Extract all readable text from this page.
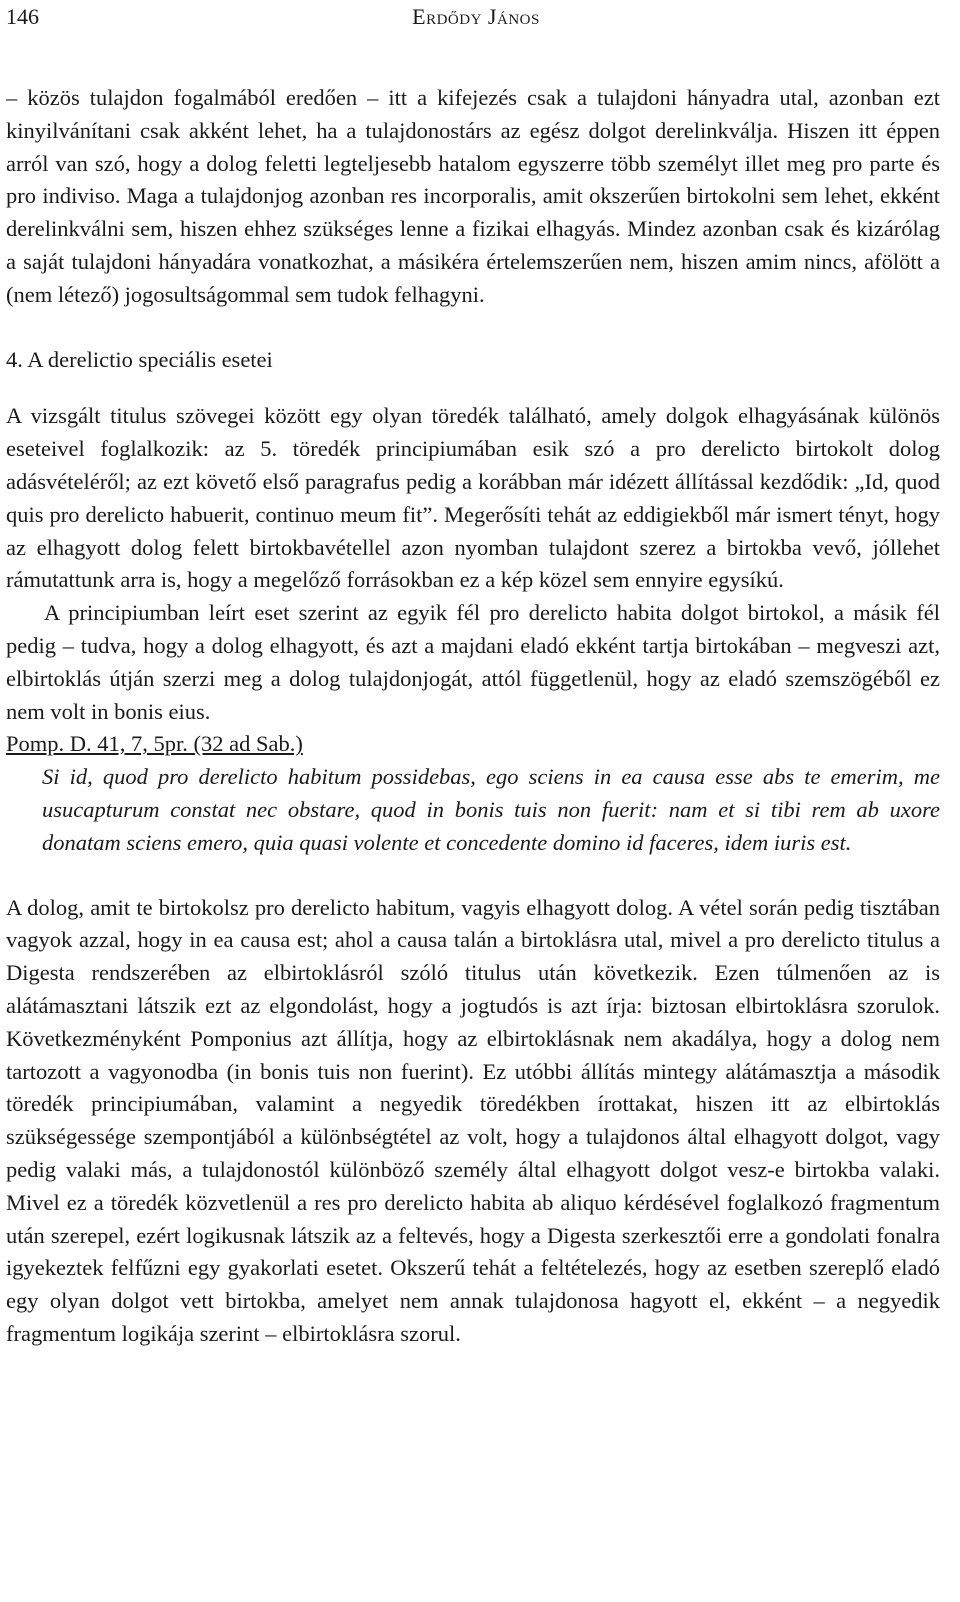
146	Erdődy János

– közös tulajdon fogalmából eredően – itt a kifejezés csak a tulajdoni hányadra utal, azonban ezt kinyilvánítani csak akként lehet, ha a tulajdonostárs az egész dolgot derelinkválja. Hiszen itt éppen arról van szó, hogy a dolog feletti legteljesebb hatalom egyszerre több személyt illet meg pro parte és pro indiviso. Maga a tulajdonjog azonban res incorporalis, amit okszerűen birtokolni sem lehet, ekként derelinkválni sem, hiszen ehhez szükséges lenne a fizikai elhagyás. Mindez azonban csak és kizárólag a saját tulajdoni hányadára vonatkozhat, a másikéra értelemszerűen nem, hiszen amim nincs, afölött a (nem létező) jogosultságommal sem tudok felhagyni.

4. A derelictio speciális esetei

A vizsgált titulus szövegei között egy olyan töredék található, amely dolgok elhagyásának különös eseteivel foglalkozik: az 5. töredék principiumában esik szó a pro derelicto birtokolt dolog adásvételéről; az ezt követő első paragrafus pedig a korábban már idézett állítással kezdődik: „Id, quod quis pro derelicto habuerit, continuo meum fit”. Megerősíti tehát az eddigiekből már ismert tényt, hogy az elhagyott dolog felett birtokbavétellel azon nyomban tulajdont szerez a birtokba vevő, jóllehet rámutattunk arra is, hogy a megelőző forrásokban ez a kép közel sem ennyire egysíkú.

A principiumban leírt eset szerint az egyik fél pro derelicto habita dolgot birtokol, a másik fél pedig – tudva, hogy a dolog elhagyott, és azt a majdani eladó ekként tartja birtokában – megveszi azt, elbirtoklás útján szerzi meg a dolog tulajdonjogát, attól függetlenül, hogy az eladó szemszögéből ez nem volt in bonis eius.

Pomp. D. 41, 7, 5pr. (32 ad Sab.)

Si id, quod pro derelicto habitum possidebas, ego sciens in ea causa esse abs te emerim, me usucapturum constat nec obstare, quod in bonis tuis non fuerit: nam et si tibi rem ab uxore donatam sciens emero, quia quasi volente et concedente domino id faceres, idem iuris est.

A dolog, amit te birtokolsz pro derelicto habitum, vagyis elhagyott dolog. A vétel során pedig tisztában vagyok azzal, hogy in ea causa est; ahol a causa talán a birtoklásra utal, mivel a pro derelicto titulus a Digesta rendszerében az elbirtoklásról szóló titulus után következik. Ezen túlmenően az is alátámasztani látszik ezt az elgondolást, hogy a jogtudós is azt írja: biztosan elbirtoklásra szorulok. Következményként Pomponius azt állítja, hogy az elbirtoklásnak nem akadálya, hogy a dolog nem tartozott a vagyonodba (in bonis tuis non fuerint). Ez utóbbi állítás mintegy alátámasztja a második töredék principiumában, valamint a negyedik töredékben írottakat, hiszen itt az elbirtoklás szükségessége szempontjából a különbségtétel az volt, hogy a tulajdonos által elhagyott dolgot, vagy pedig valaki más, a tulajdonostól különböző személy által elhagyott dolgot vesz-e birtokba valaki. Mivel ez a töredék közvetlenül a res pro derelicto habita ab aliquo kérdésével foglalkozó fragmentum után szerepel, ezért logikusnak látszik az a feltevés, hogy a Digesta szerkesztői erre a gondolati fonalra igyekeztek felfűzni egy gyakorlati esetet. Okszerű tehát a feltételezés, hogy az esetben szereplő eladó egy olyan dolgot vett birtokba, amelyet nem annak tulajdonosa hagyott el, ekként – a negyedik fragmentum logikája szerint – elbirtoklásra szorul.
